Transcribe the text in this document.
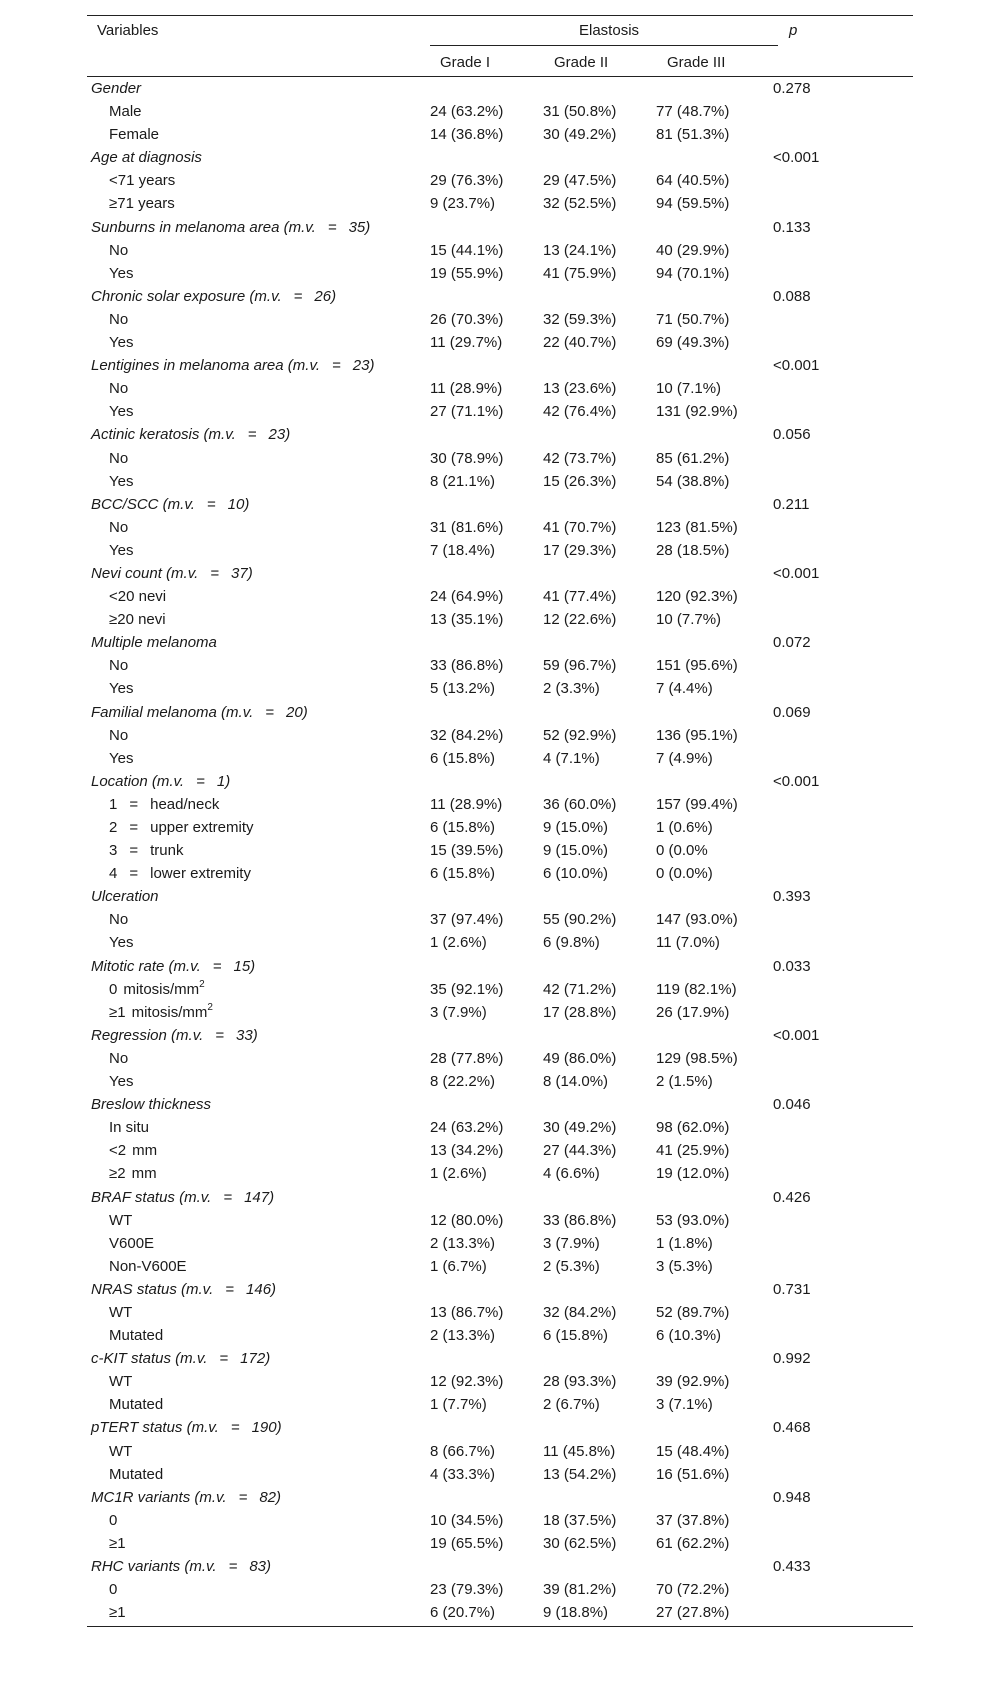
Variables	Elastosis	p
Grade I	Grade II	Grade III
Gender				0.278
Male	24 (63.2%)	31 (50.8%)	77 (48.7%)	
Female	14 (36.8%)	30 (49.2%)	81 (51.3%)	
Age at diagnosis				<0.001
<71 years	29 (76.3%)	29 (47.5%)	64 (40.5%)	
≥71 years	9 (23.7%)	32 (52.5%)	94 (59.5%)	
Sunburns in melanoma area (m.v. = 35)				0.133
No	15 (44.1%)	13 (24.1%)	40 (29.9%)	
Yes	19 (55.9%)	41 (75.9%)	94 (70.1%)	
Chronic solar exposure (m.v. = 26)				0.088
No	26 (70.3%)	32 (59.3%)	71 (50.7%)	
Yes	11 (29.7%)	22 (40.7%)	69 (49.3%)	
Lentigines in melanoma area (m.v. = 23)				<0.001
No	11 (28.9%)	13 (23.6%)	10 (7.1%)	
Yes	27 (71.1%)	42 (76.4%)	131 (92.9%)	
Actinic keratosis (m.v. = 23)				0.056
No	30 (78.9%)	42 (73.7%)	85 (61.2%)	
Yes	8 (21.1%)	15 (26.3%)	54 (38.8%)	
BCC/SCC (m.v. = 10)				0.211
No	31 (81.6%)	41 (70.7%)	123 (81.5%)	
Yes	7 (18.4%)	17 (29.3%)	28 (18.5%)	
Nevi count (m.v. = 37)				<0.001
<20 nevi	24 (64.9%)	41 (77.4%)	120 (92.3%)	
≥20 nevi	13 (35.1%)	12 (22.6%)	10 (7.7%)	
Multiple melanoma				0.072
No	33 (86.8%)	59 (96.7%)	151 (95.6%)	
Yes	5 (13.2%)	2 (3.3%)	7 (4.4%)	
Familial melanoma (m.v. = 20)				0.069
No	32 (84.2%)	52 (92.9%)	136 (95.1%)	
Yes	6 (15.8%)	4 (7.1%)	7 (4.9%)	
Location (m.v. = 1)				<0.001
1 = head/neck	11 (28.9%)	36 (60.0%)	157 (99.4%)	
2 = upper extremity	6 (15.8%)	9 (15.0%)	1 (0.6%)	
3 = trunk	15 (39.5%)	9 (15.0%)	0 (0.0%	
4 = lower extremity	6 (15.8%)	6 (10.0%)	0 (0.0%)	
Ulceration				0.393
No	37 (97.4%)	55 (90.2%)	147 (93.0%)	
Yes	1 (2.6%)	6 (9.8%)	11 (7.0%)	
Mitotic rate (m.v. = 15)				0.033
0 mitosis/$mm^2$	35 (92.1%)	42 (71.2%)	119 (82.1%)	
≥1 mitosis/$mm^2$	3 (7.9%)	17 (28.8%)	26 (17.9%)	
Regression (m.v. = 33)				<0.001
No	28 (77.8%)	49 (86.0%)	129 (98.5%)	
Yes	8 (22.2%)	8 (14.0%)	2 (1.5%)	
Breslow thickness				0.046
In situ	24 (63.2%)	30 (49.2%)	98 (62.0%)	
<2 mm	13 (34.2%)	27 (44.3%)	41 (25.9%)	
≥2 mm	1 (2.6%)	4 (6.6%)	19 (12.0%)	
BRAF status (m.v. = 147)				0.426
WT	12 (80.0%)	33 (86.8%)	53 (93.0%)	
V600E	2 (13.3%)	3 (7.9%)	1 (1.8%)	
Non-V600E	1 (6.7%)	2 (5.3%)	3 (5.3%)	
NRAS status (m.v. = 146)				0.731
WT	13 (86.7%)	32 (84.2%)	52 (89.7%)	
Mutated	2 (13.3%)	6 (15.8%)	6 (10.3%)	
c-KIT status (m.v. = 172)				0.992
WT	12 (92.3%)	28 (93.3%)	39 (92.9%)	
Mutated	1 (7.7%)	2 (6.7%)	3 (7.1%)	
pTERT status (m.v. = 190)				0.468
WT	8 (66.7%)	11 (45.8%)	15 (48.4%)	
Mutated	4 (33.3%)	13 (54.2%)	16 (51.6%)	
MC1R variants (m.v. = 82)				0.948
0	10 (34.5%)	18 (37.5%)	37 (37.8%)	
≥1	19 (65.5%)	30 (62.5%)	61 (62.2%)	
RHC variants (m.v. = 83)				0.433
0	23 (79.3%)	39 (81.2%)	70 (72.2%)	
≥1	6 (20.7%)	9 (18.8%)	27 (27.8%)	
